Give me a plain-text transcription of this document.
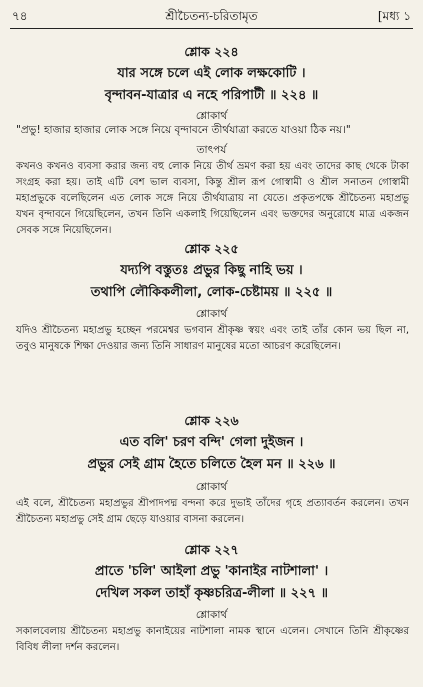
৭৪	শ্রীচৈতন্য-চরিতামৃত	[মধ্য ১
শ্লোক ২২৪
যার সঙ্গে চলে এই লোক লক্ষকোটি ।
বৃন্দাবন-যাত্রার এ নহে পরিপাটী ॥ ২২৪ ॥
শ্লোকার্থ
"প্রভু! হাজার হাজার লোক সঙ্গে নিয়ে বৃন্দাবনে তীর্থযাত্রা করতে যাওয়া ঠিক নয়।"
তাৎপর্য
কখনও কখনও ব্যবসা করার জন্য বহু লোক নিয়ে তীর্থ ভ্রমণ করা হয় এবং তাদের কাছ থেকে টাকা সংগ্রহ করা হয়। তাই এটি বেশ ভাল ব্যবসা, কিন্তু শ্রীল রূপ গোস্বামী ও শ্রীল সনাতন গোস্বামী মহাপ্রভুকে বলেছিলেন এত লোক সঙ্গে নিয়ে তীর্থযাত্রায় না যেতে। প্রকৃতপক্ষে শ্রীচৈতন্য মহাপ্রভু যখন বৃন্দাবনে গিয়েছিলেন, তখন তিনি একলাই গিয়েছিলেন এবং ভক্তদের অনুরোধে মাত্র একজন সেবক সঙ্গে নিয়েছিলেন।
শ্লোক ২২৫
যদ্যপি বস্তুতঃ প্রভুর কিছু নাহি ভয় ।
তথাপি লৌকিকলীলা, লোক-চেষ্টাময় ॥ ২২৫ ॥
শ্লোকার্থ
যদিও শ্রীচৈতন্য মহাপ্রভু হচ্ছেন পরমেশ্বর ভগবান শ্রীকৃষ্ণ স্বয়ং এবং তাই তাঁর কোন ভয় ছিল না, তবুও মানুষকে শিক্ষা দেওয়ার জন্য তিনি সাধারণ মানুষের মতো আচরণ করেছিলেন।
শ্লোক ২২৬
এত বলি' চরণ বন্দি' গেলা দুইজন ।
প্রভুর সেই গ্রাম হৈতে চলিতে হৈল মন ॥ ২২৬ ॥
শ্লোকার্থ
এই বলে, শ্রীচৈতন্য মহাপ্রভুর শ্রীপাদপদ্ম বন্দনা করে দুভাই তাঁদের গৃহে প্রত্যাবর্তন করলেন। তখন শ্রীচৈতন্য মহাপ্রভু সেই গ্রাম ছেড়ে যাওয়ার বাসনা করলেন।
শ্লোক ২২৭
প্রাতে 'চলি' আইলা প্রভু 'কানাইর নাটশালা' ।
দেখিল সকল তাহাঁ কৃষ্ণচরিত্র-লীলা ॥ ২২৭ ॥
শ্লোকার্থ
সকালবেলায় শ্রীচৈতন্য মহাপ্রভু কানাইয়ের নাটশালা নামক স্থানে এলেন। সেখানে তিনি শ্রীকৃষ্ণের বিবিধ লীলা দর্শন করলেন।
